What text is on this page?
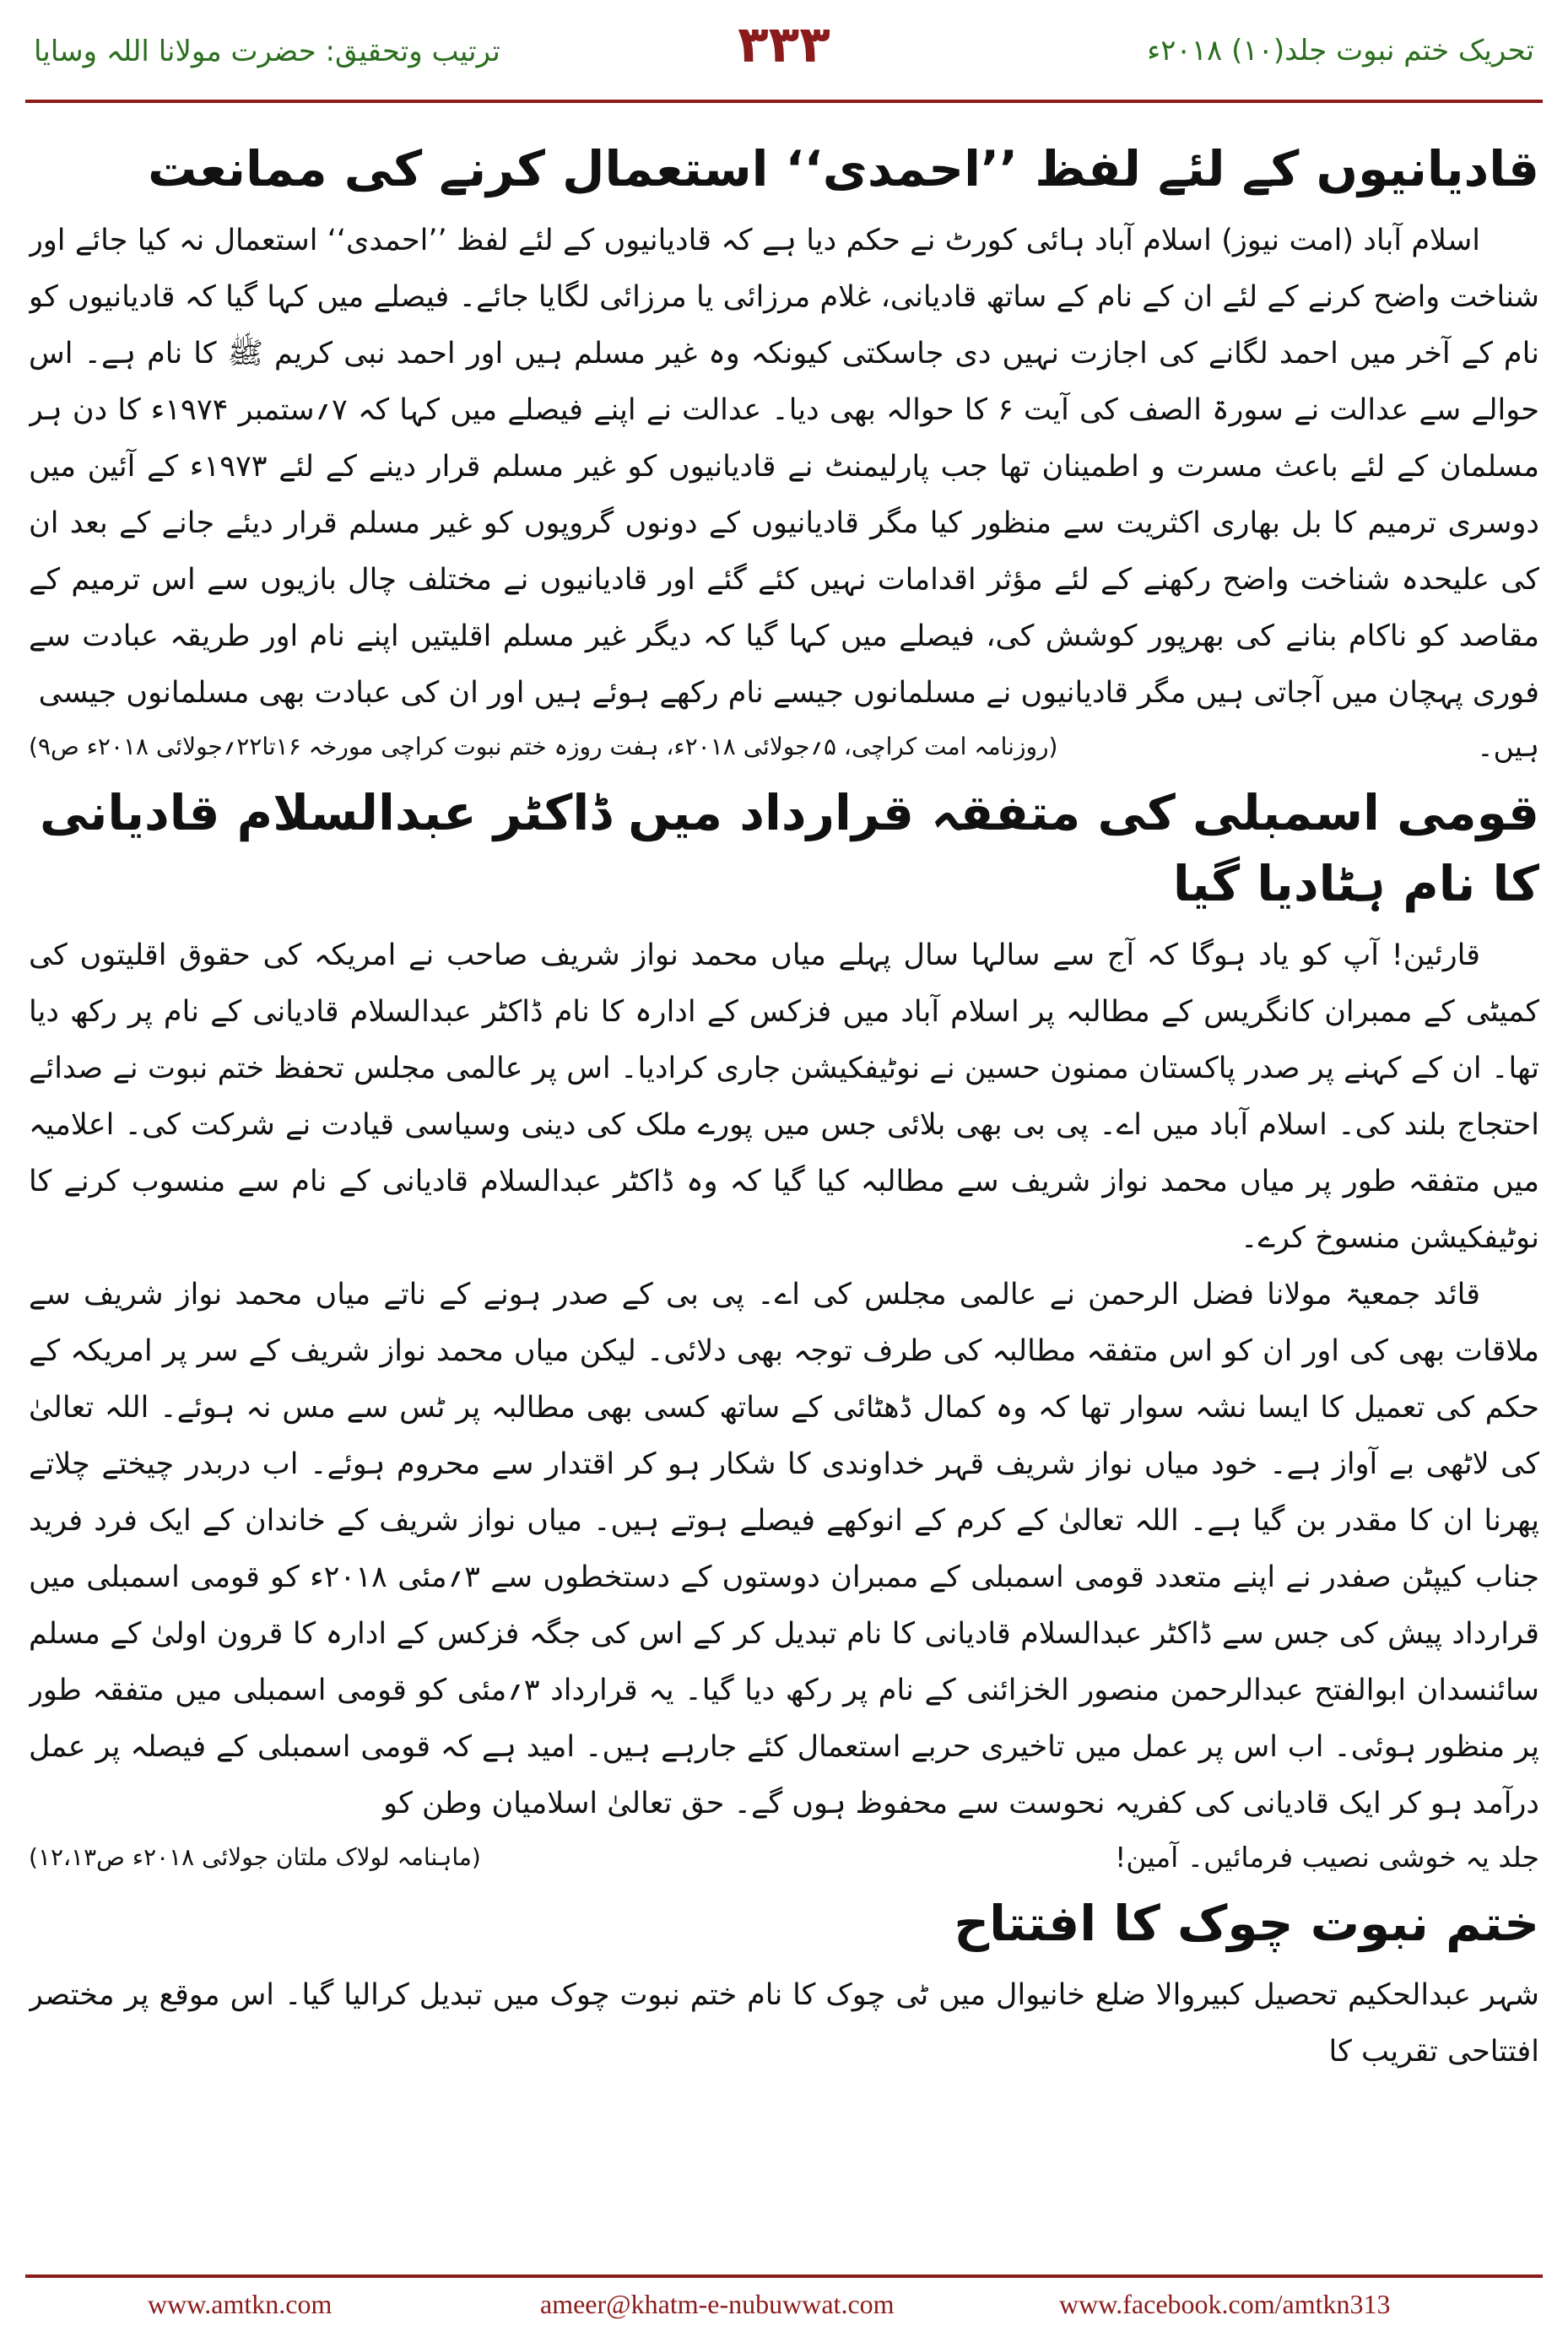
تحریک ختم نبوت جلد(۱۰) ۲۰۱۸ء
۳۳۳
ترتیب وتحقیق: حضرت مولانا اللہ وسایا
قادیانیوں کے لئے لفظ ’’احمدی‘‘ استعمال کرنے کی ممانعت

اسلام آباد (امت نیوز) اسلام آباد ہائی کورٹ نے حکم دیا ہے کہ قادیانیوں کے لئے لفظ ’’احمدی‘‘ استعمال نہ کیا جائے اور شناخت واضح کرنے کے لئے ان کے نام کے ساتھ قادیانی، غلام مرزائی یا مرزائی لگایا جائے۔ فیصلے میں کہا گیا کہ قادیانیوں کو نام کے آخر میں احمد لگانے کی اجازت نہیں دی جاسکتی کیونکہ وہ غیر مسلم ہیں اور احمد نبی کریم ﷺ کا نام ہے۔ اس حوالے سے عدالت نے سورۃ الصف کی آیت ۶ کا حوالہ بھی دیا۔ عدالت نے اپنے فیصلے میں کہا کہ ۷؍ستمبر ۱۹۷۴ء کا دن ہر مسلمان کے لئے باعث مسرت و اطمینان تھا جب پارلیمنٹ نے قادیانیوں کو غیر مسلم قرار دینے کے لئے ۱۹۷۳ء کے آئین میں دوسری ترمیم کا بل بھاری اکثریت سے منظور کیا مگر قادیانیوں کے دونوں گروپوں کو غیر مسلم قرار دیئے جانے کے بعد ان کی علیحدہ شناخت واضح رکھنے کے لئے مؤثر اقدامات نہیں کئے گئے اور قادیانیوں نے مختلف چال بازیوں سے اس ترمیم کے مقاصد کو ناکام بنانے کی بھرپور کوشش کی، فیصلے میں کہا گیا کہ دیگر غیر مسلم اقلیتیں اپنے نام اور طریقہ عبادت سے فوری پہچان میں آجاتی ہیں مگر قادیانیوں نے مسلمانوں جیسے نام رکھے ہوئے ہیں اور ان کی عبادت بھی مسلمانوں جیسی

ہیں۔
(روزنامہ امت کراچی، ۵؍جولائی ۲۰۱۸ء، ہفت روزہ ختم نبوت کراچی مورخہ ۱۶تا۲۲؍جولائی ۲۰۱۸ء ص۹)
قومی اسمبلی کی متفقہ قرارداد میں ڈاکٹر عبدالسلام قادیانی کا نام ہٹادیا گیا

قارئین! آپ کو یاد ہوگا کہ آج سے سالہا سال پہلے میاں محمد نواز شریف صاحب نے امریکہ کی حقوق اقلیتوں کی کمیٹی کے ممبران کانگریس کے مطالبہ پر اسلام آباد میں فزکس کے ادارہ کا نام ڈاکٹر عبدالسلام قادیانی کے نام پر رکھ دیا تھا۔ ان کے کہنے پر صدر پاکستان ممنون حسین نے نوٹیفکیشن جاری کرادیا۔ اس پر عالمی مجلس تحفظ ختم نبوت نے صدائے احتجاج بلند کی۔ اسلام آباد میں اے۔ پی بی بھی بلائی جس میں پورے ملک کی دینی وسیاسی قیادت نے شرکت کی۔ اعلامیہ میں متفقہ طور پر میاں محمد نواز شریف سے مطالبہ کیا گیا کہ وہ ڈاکٹر عبدالسلام قادیانی کے نام سے منسوب کرنے کا نوٹیفکیشن منسوخ کرے۔

قائد جمعیۃ مولانا فضل الرحمن نے عالمی مجلس کی اے۔ پی بی کے صدر ہونے کے ناتے میاں محمد نواز شریف سے ملاقات بھی کی اور ان کو اس متفقہ مطالبہ کی طرف توجہ بھی دلائی۔ لیکن میاں محمد نواز شریف کے سر پر امریکہ کے حکم کی تعمیل کا ایسا نشہ سوار تھا کہ وہ کمال ڈھٹائی کے ساتھ کسی بھی مطالبہ پر ٹس سے مس نہ ہوئے۔ اللہ تعالیٰ کی لاٹھی بے آواز ہے۔ خود میاں نواز شریف قہر خداوندی کا شکار ہو کر اقتدار سے محروم ہوئے۔ اب دربدر چیختے چلاتے پھرنا ان کا مقدر بن گیا ہے۔ اللہ تعالیٰ کے کرم کے انوکھے فیصلے ہوتے ہیں۔ میاں نواز شریف کے خاندان کے ایک فرد فرید جناب کیپٹن صفدر نے اپنے متعدد قومی اسمبلی کے ممبران دوستوں کے دستخطوں سے ۳؍مئی ۲۰۱۸ء کو قومی اسمبلی میں قرارداد پیش کی جس سے ڈاکٹر عبدالسلام قادیانی کا نام تبدیل کر کے اس کی جگہ فزکس کے ادارہ کا قرون اولیٰ کے مسلم سائنسدان ابوالفتح عبدالرحمن منصور الخزائنی کے نام پر رکھ دیا گیا۔ یہ قرارداد ۳؍مئی کو قومی اسمبلی میں متفقہ طور پر منظور ہوئی۔ اب اس پر عمل میں تاخیری حربے استعمال کئے جارہے ہیں۔ امید ہے کہ قومی اسمبلی کے فیصلہ پر عمل درآمد ہو کر ایک قادیانی کی کفریہ نحوست سے محفوظ ہوں گے۔ حق تعالیٰ اسلامیان وطن کو

جلد یہ خوشی نصیب فرمائیں۔ آمین!
(ماہنامہ لولاک ملتان جولائی ۲۰۱۸ء ص۱۲،۱۳)
ختم نبوت چوک کا افتتاح

شہر عبدالحکیم تحصیل کبیروالا ضلع خانیوال میں ٹی چوک کا نام ختم نبوت چوک میں تبدیل کرالیا گیا۔ اس موقع پر مختصر افتتاحی تقریب کا

www.amtkn.com	ameer@khatm-e-nubuwwat.com	www.facebook.com/amtkn313
